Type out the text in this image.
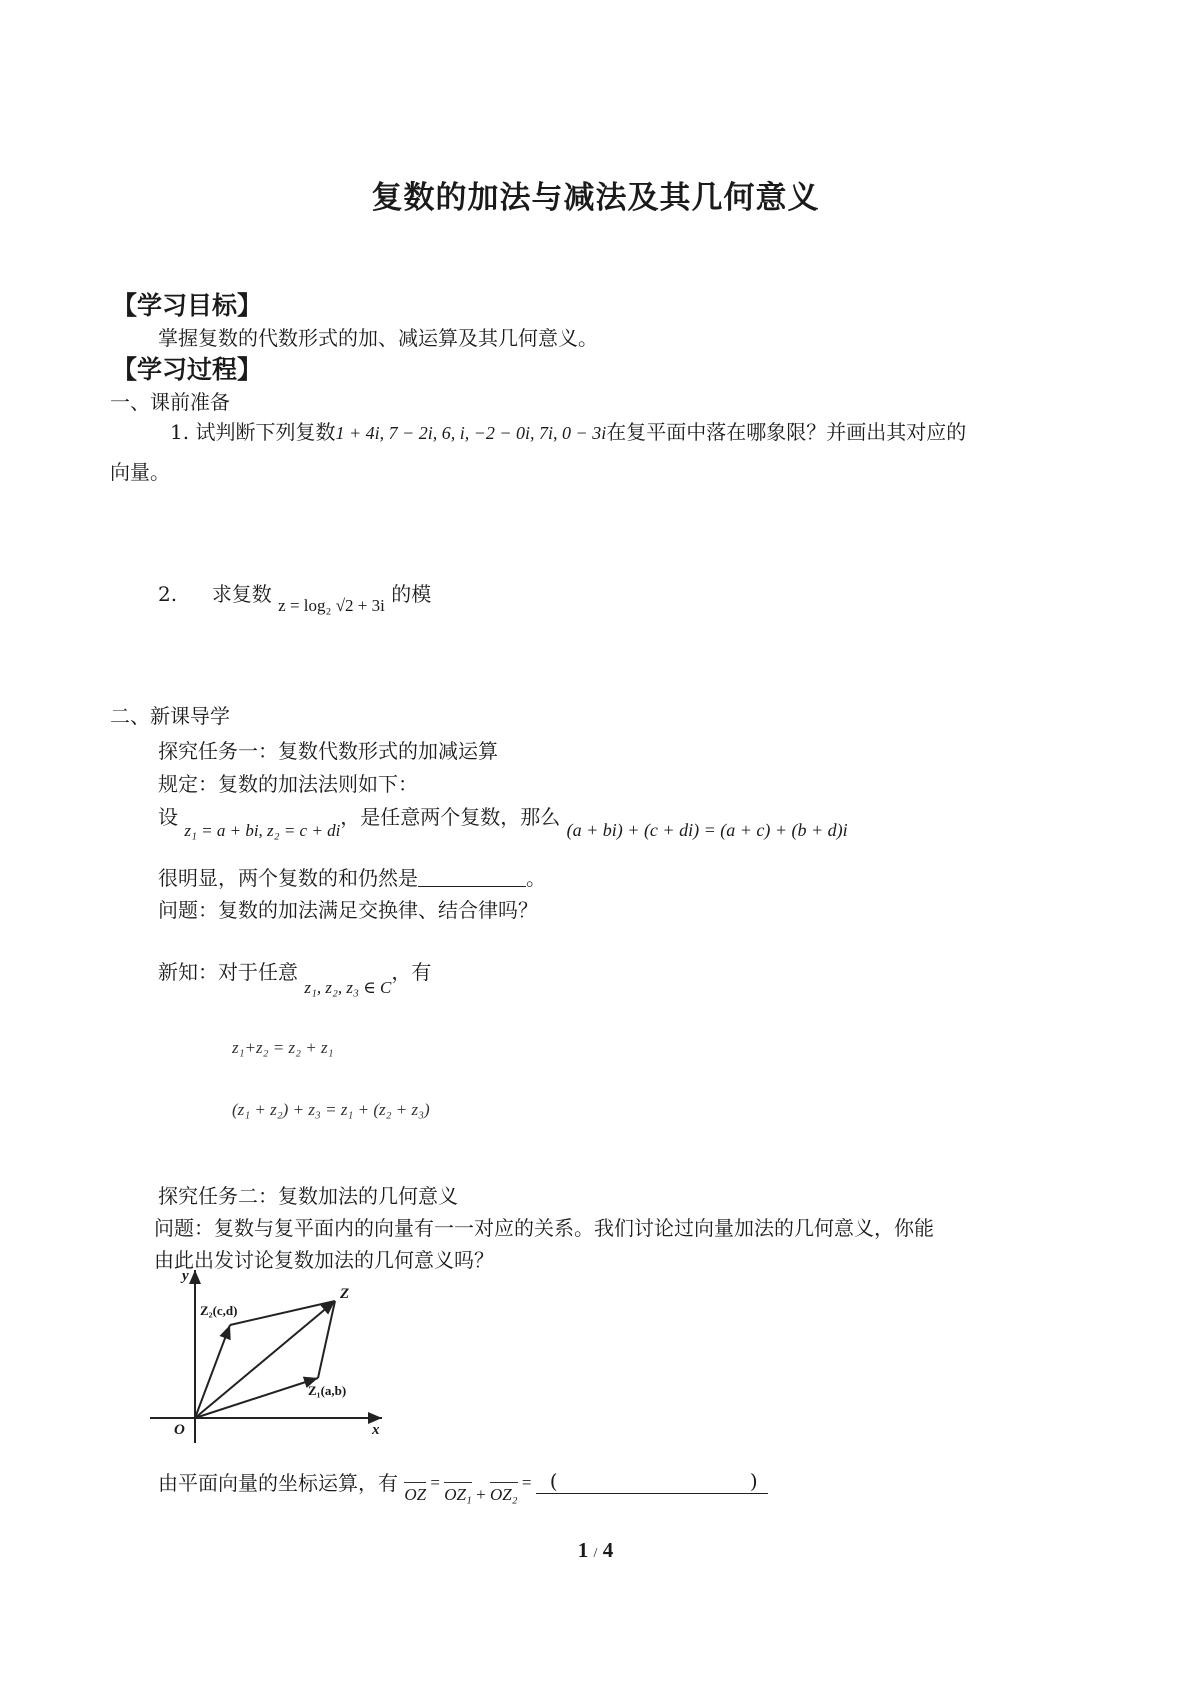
复数的加法与减法及其几何意义
【学习目标】
掌握复数的代数形式的加、减运算及其几何意义。
【学习过程】
一、课前准备
1. 试判断下列复数1 + 4i, 7 − 2i, 6, i, −2 − 0i, 7i, 0 − 3i在复平面中落在哪象限？并画出其对应的
向量。
2. 求复数 $_{z = log_2 √2 + 3i}$ 的模
二、新课导学
探究任务一：复数代数形式的加减运算
规定：复数的加法法则如下：
设 $_{z_1 = a + bi, z_2 = c + di}$，是任意两个复数，那么 (a + bi) + (c + di) = (a + c) + (b + d)i
很明显，两个复数的和仍然是	。
问题：复数的加法满足交换律、结合律吗？
新知：对于任意 $_{z_1, z_2, z_3 \in C}$，有
z₁+z₂ = z₂ + z₁
(z₁ + z₂) + z₃ = z₁ + (z₂ + z₃)
探究任务二：复数加法的几何意义
问题：复数与复平面内的向量有一一对应的关系。我们讨论过向量加法的几何意义，你能
由此出发讨论复数加法的几何意义吗？
y
x
O
Z
Z₂(c,d)
Z₁(a,b)
由平面向量的坐标运算，有 $_{OZ = OZ_1 + OZ_2 =}$ (	)
1 / 4
